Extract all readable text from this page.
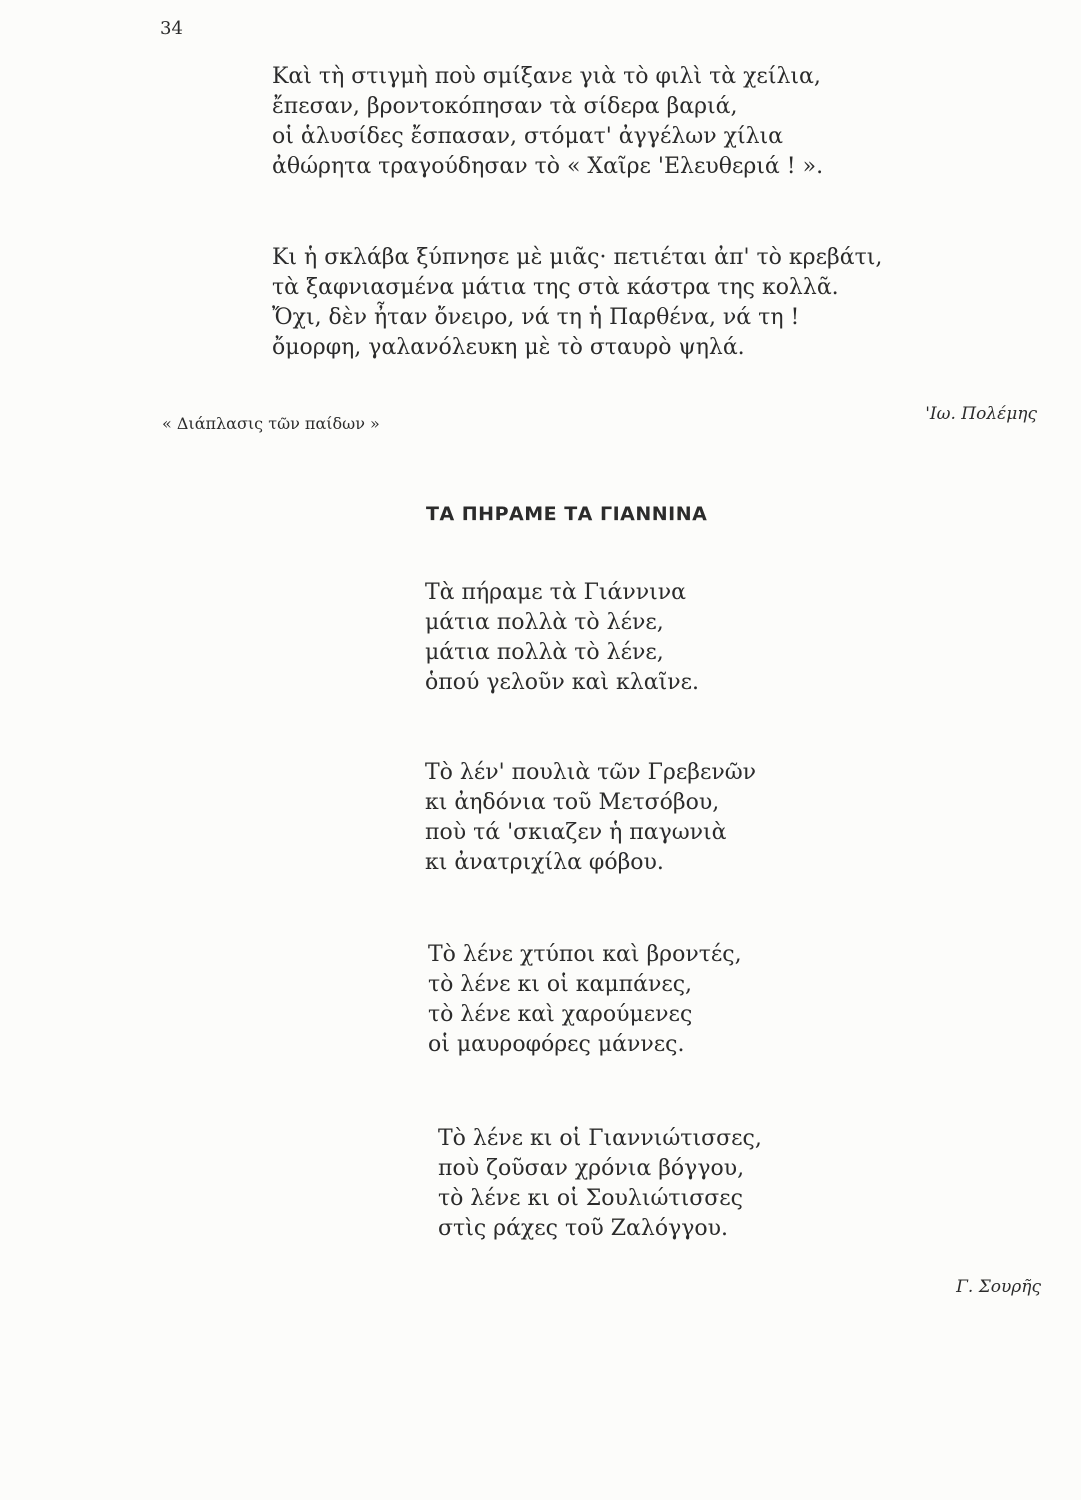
34
Καὶ τὴ στιγμὴ ποὺ σμίξανε γιὰ τὸ φιλὶ τὰ χείλια,
ἔπεσαν, βροντοκόπησαν τὰ σίδερα βαριά,
οἱ ἁλυσίδες ἔσπασαν, στόματ' ἀγγέλων χίλια
ἀθώρητα τραγούδησαν τὸ « Χαῖρε 'Ελευθεριά ! ».
Κι ἡ σκλάβα ξύπνησε μὲ μιᾶς· πετιέται ἀπ' τὸ κρεβάτι,
τὰ ξαφνιασμένα μάτια της στὰ κάστρα της κολλᾶ.
Ὄχι, δὲν ἦταν ὄνειρο, νά τη ἡ Παρθένα, νά τη !
ὄμορφη, γαλανόλευκη μὲ τὸ σταυρὸ ψηλά.
« Διάπλασις τῶν παίδων »	'Ιω. Πολέμης
ΤΑ ΠΗΡΑΜΕ ΤΑ ΓΙΑΝΝΙΝΑ
Τὰ πήραμε τὰ Γιάννινα
μάτια πολλὰ τὸ λένε,
μάτια πολλὰ τὸ λένε,
ὁπού γελοῦν καὶ κλαῖνε.
Τὸ λέν' πουλιὰ τῶν Γρεβενῶν
κι ἀηδόνια τοῦ Μετσόβου,
ποὺ τά 'σκιαζεν ἡ παγωνιὰ
κι ἀνατριχίλα φόβου.
Τὸ λένε χτύποι καὶ βροντές,
τὸ λένε κι οἱ καμπάνες,
τὸ λένε καὶ χαρούμενες
οἱ μαυροφόρες μάννες.
Τὸ λένε κι οἱ Γιαννιώτισσες,
ποὺ ζοῦσαν χρόνια βόγγου,
τὸ λένε κι οἱ Σουλιώτισσες
στὶς ράχες τοῦ Ζαλόγγου.
Γ. Σουρῆς
